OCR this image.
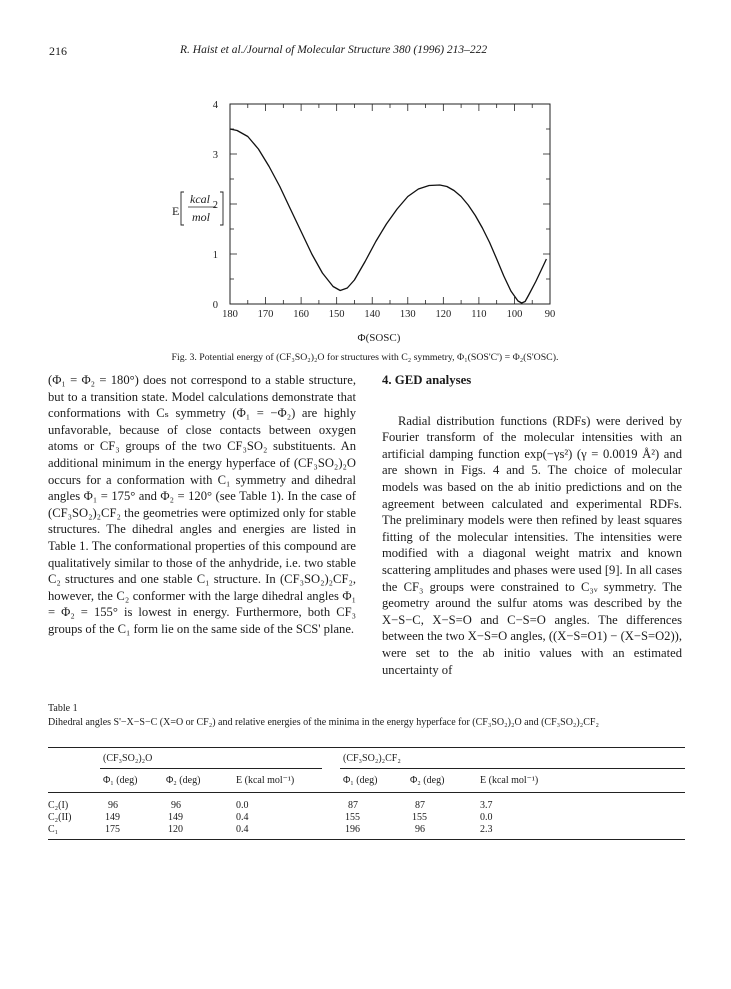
216	R. Haist et al./Journal of Molecular Structure 380 (1996) 213–222
180 170 160 150 140 130 120 110 100 90
0
1
2
3
4
E
kcal
mol
Φ(SOSC)
Fig. 3. Potential energy of (CF₃SO₂)₂O for structures with C₂ symmetry, Φ₁(SOS'C') = Φ₂(S'OSC).

(Φ₁ = Φ₂ = 180°) does not correspond to a stable structure, but to a transition state. Model calculations demonstrate that conformations with Cₛ symmetry (Φ₁ = −Φ₂) are highly unfavorable, because of close contacts between oxygen atoms or CF₃ groups of the two CF₃SO₂ substituents. An additional minimum in the energy hyperface of (CF₃SO₂)₂O occurs for a conformation with C₁ symmetry and dihedral angles Φ₁ = 175° and Φ₂ = 120° (see Table 1). In the case of (CF₃SO₂)₂CF₂ the geometries were optimized only for stable structures. The dihedral angles and energies are listed in Table 1. The conformational properties of this compound are qualitatively similar to those of the anhydride, i.e. two stable C₂ structures and one stable C₁ structure. In (CF₃SO₂)₂CF₂, however, the C₂ conformer with the large dihedral angles Φ₁ = Φ₂ = 155° is lowest in energy. Furthermore, both CF₃ groups of the C₁ form lie on the same side of the SCS' plane.

4. GED analyses

Radial distribution functions (RDFs) were derived by Fourier transform of the molecular intensities with an artificial damping function exp(−γs²) (γ = 0.0019 Å²) and are shown in Figs. 4 and 5. The choice of molecular models was based on the ab initio predictions and on the agreement between calculated and experimental RDFs. The preliminary models were then refined by least squares fitting of the molecular intensities. The intensities were modified with a diagonal weight matrix and known scattering amplitudes and phases were used [9]. In all cases the CF₃ groups were constrained to C₃ᵥ symmetry. The geometry around the sulfur atoms was described by the X−S−C, X−S=O and C−S=O angles. The differences between the two X−S=O angles, ((X−S=O1) − (X−S=O2)), were set to the ab initio values with an estimated uncertainty of

Table 1
Dihedral angles S'−X−S−C (X=O or CF₂) and relative energies of the minima in the energy hyperface for (CF₃SO₂)₂O and (CF₃SO₂)₂CF₂
(CF₃SO₂)₂O	(CF₃SO₂)₂CF₂
Φ₁ (deg)	Φ₂ (deg)	E (kcal mol⁻¹)	Φ₁ (deg)	Φ₂ (deg)	E (kcal mol⁻¹)
C₂(I)	96	96	0.0	87	87	3.7
C₂(II)	149	149	0.4	155	155	0.0
C₁	175	120	0.4	196	96	2.3
